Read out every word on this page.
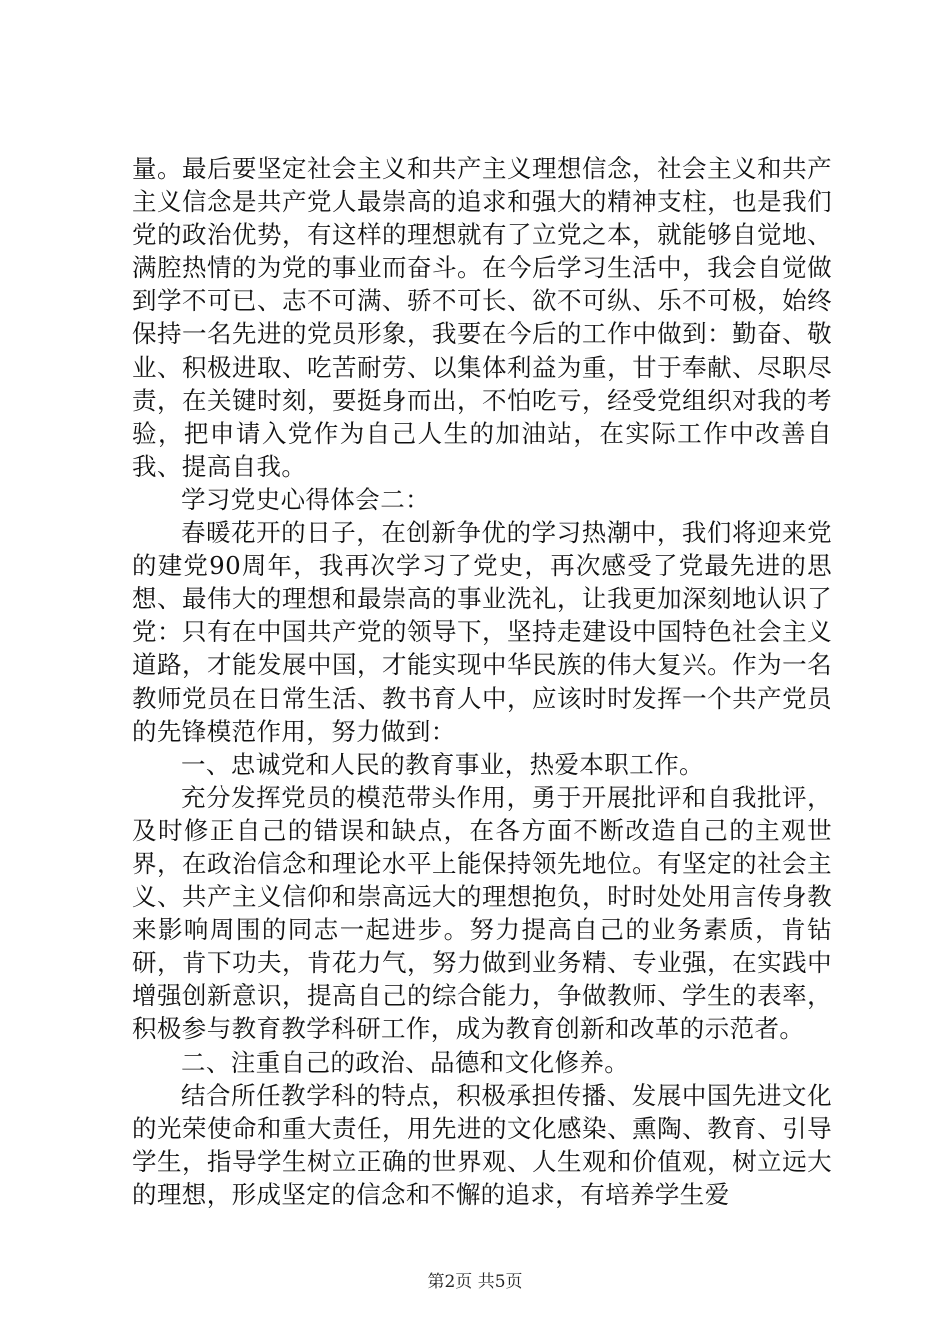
量。最后要坚定社会主义和共产主义理想信念，社会主义和共产主义信念是共产党人最崇高的追求和强大的精神支柱，也是我们党的政治优势，有这样的理想就有了立党之本，就能够自觉地、满腔热情的为党的事业而奋斗。在今后学习生活中，我会自觉做到学不可已、志不可满、骄不可长、欲不可纵、乐不可极，始终保持一名先进的党员形象，我要在今后的工作中做到：勤奋、敬业、积极进取、吃苦耐劳、以集体利益为重，甘于奉献、尽职尽责，在关键时刻，要挺身而出，不怕吃亏，经受党组织对我的考验，把申请入党作为自己人生的加油站，在实际工作中改善自我、提高自我。

学习党史心得体会二：

春暖花开的日子，在创新争优的学习热潮中，我们将迎来党的建党90周年，我再次学习了党史，再次感受了党最先进的思想、最伟大的理想和最崇高的事业洗礼，让我更加深刻地认识了党：只有在中国共产党的领导下，坚持走建设中国特色社会主义道路，才能发展中国，才能实现中华民族的伟大复兴。作为一名教师党员在日常生活、教书育人中，应该时时发挥一个共产党员的先锋模范作用，努力做到：

一、忠诚党和人民的教育事业，热爱本职工作。

充分发挥党员的模范带头作用，勇于开展批评和自我批评，及时修正自己的错误和缺点，在各方面不断改造自己的主观世界，在政治信念和理论水平上能保持领先地位。有坚定的社会主义、共产主义信仰和崇高远大的理想抱负，时时处处用言传身教来影响周围的同志一起进步。努力提高自己的业务素质，肯钻研，肯下功夫，肯花力气，努力做到业务精、专业强，在实践中增强创新意识，提高自己的综合能力，争做教师、学生的表率，积极参与教育教学科研工作，成为教育创新和改革的示范者。

二、注重自己的政治、品德和文化修养。

结合所任教学科的特点，积极承担传播、发展中国先进文化的光荣使命和重大责任，用先进的文化感染、熏陶、教育、引导学生，指导学生树立正确的世界观、人生观和价值观，树立远大的理想，形成坚定的信念和不懈的追求，有培养学生爱

第2页 共5页
